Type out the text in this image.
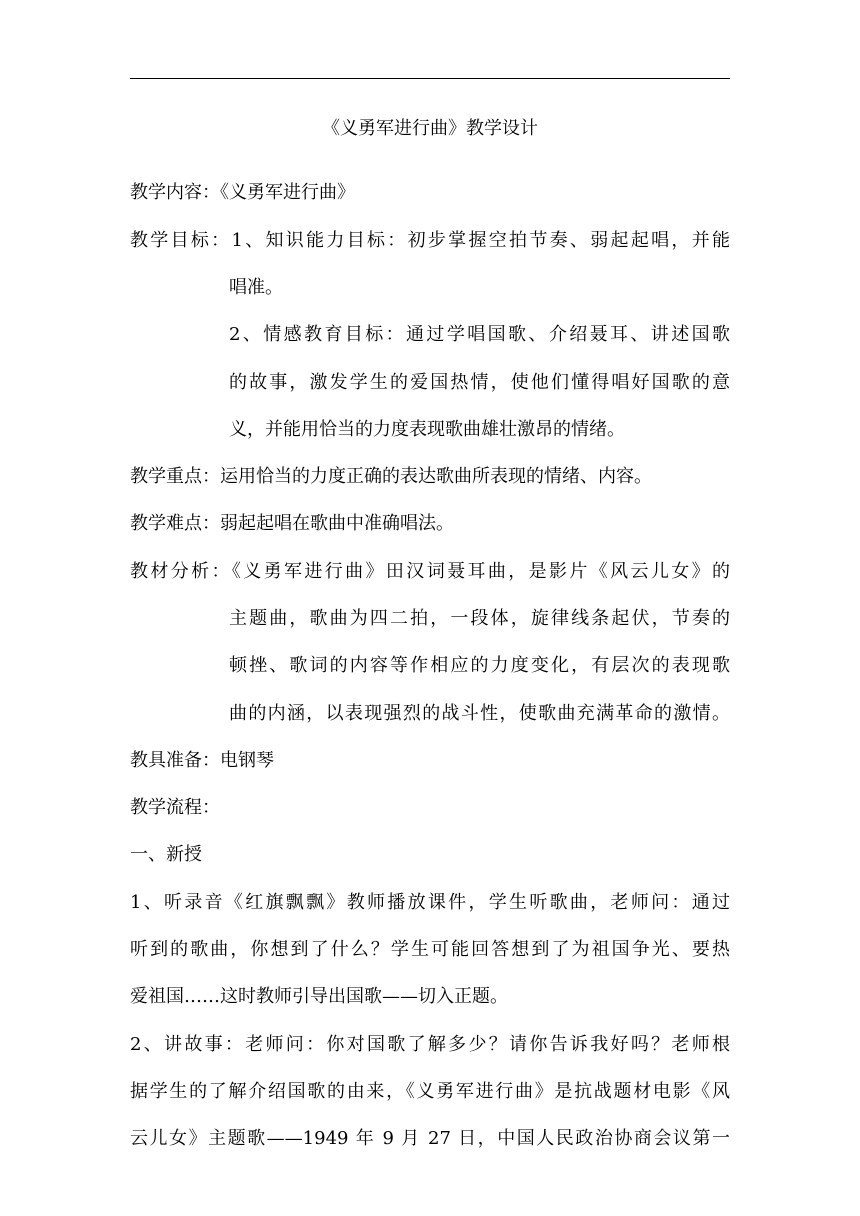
《义勇军进行曲》教学设计
教学内容：《义勇军进行曲》
教学目标：1、知识能力目标：初步掌握空拍节奏、弱起起唱，并能
唱准。
2、情感教育目标：通过学唱国歌、介绍聂耳、讲述国歌
的故事，激发学生的爱国热情，使他们懂得唱好国歌的意
义，并能用恰当的力度表现歌曲雄壮激昂的情绪。
教学重点：运用恰当的力度正确的表达歌曲所表现的情绪、内容。
教学难点：弱起起唱在歌曲中准确唱法。
教材分析：《义勇军进行曲》田汉词聂耳曲，是影片《风云儿女》的
主题曲，歌曲为四二拍，一段体，旋律线条起伏，节奏的
顿挫、歌词的内容等作相应的力度变化，有层次的表现歌
曲的内涵，以表现强烈的战斗性，使歌曲充满革命的激情。
教具准备：电钢琴
教学流程：
一、新授
1、听录音《红旗飘飘》教师播放课件，学生听歌曲，老师问：通过
听到的歌曲，你想到了什么？学生可能回答想到了为祖国争光、要热
爱祖国……这时教师引导出国歌——切入正题。
2、讲故事：老师问：你对国歌了解多少？请你告诉我好吗？老师根
据学生的了解介绍国歌的由来，《义勇军进行曲》是抗战题材电影《风
云儿女》主题歌——1949 年 9 月 27 日，中国人民政治协商会议第一
